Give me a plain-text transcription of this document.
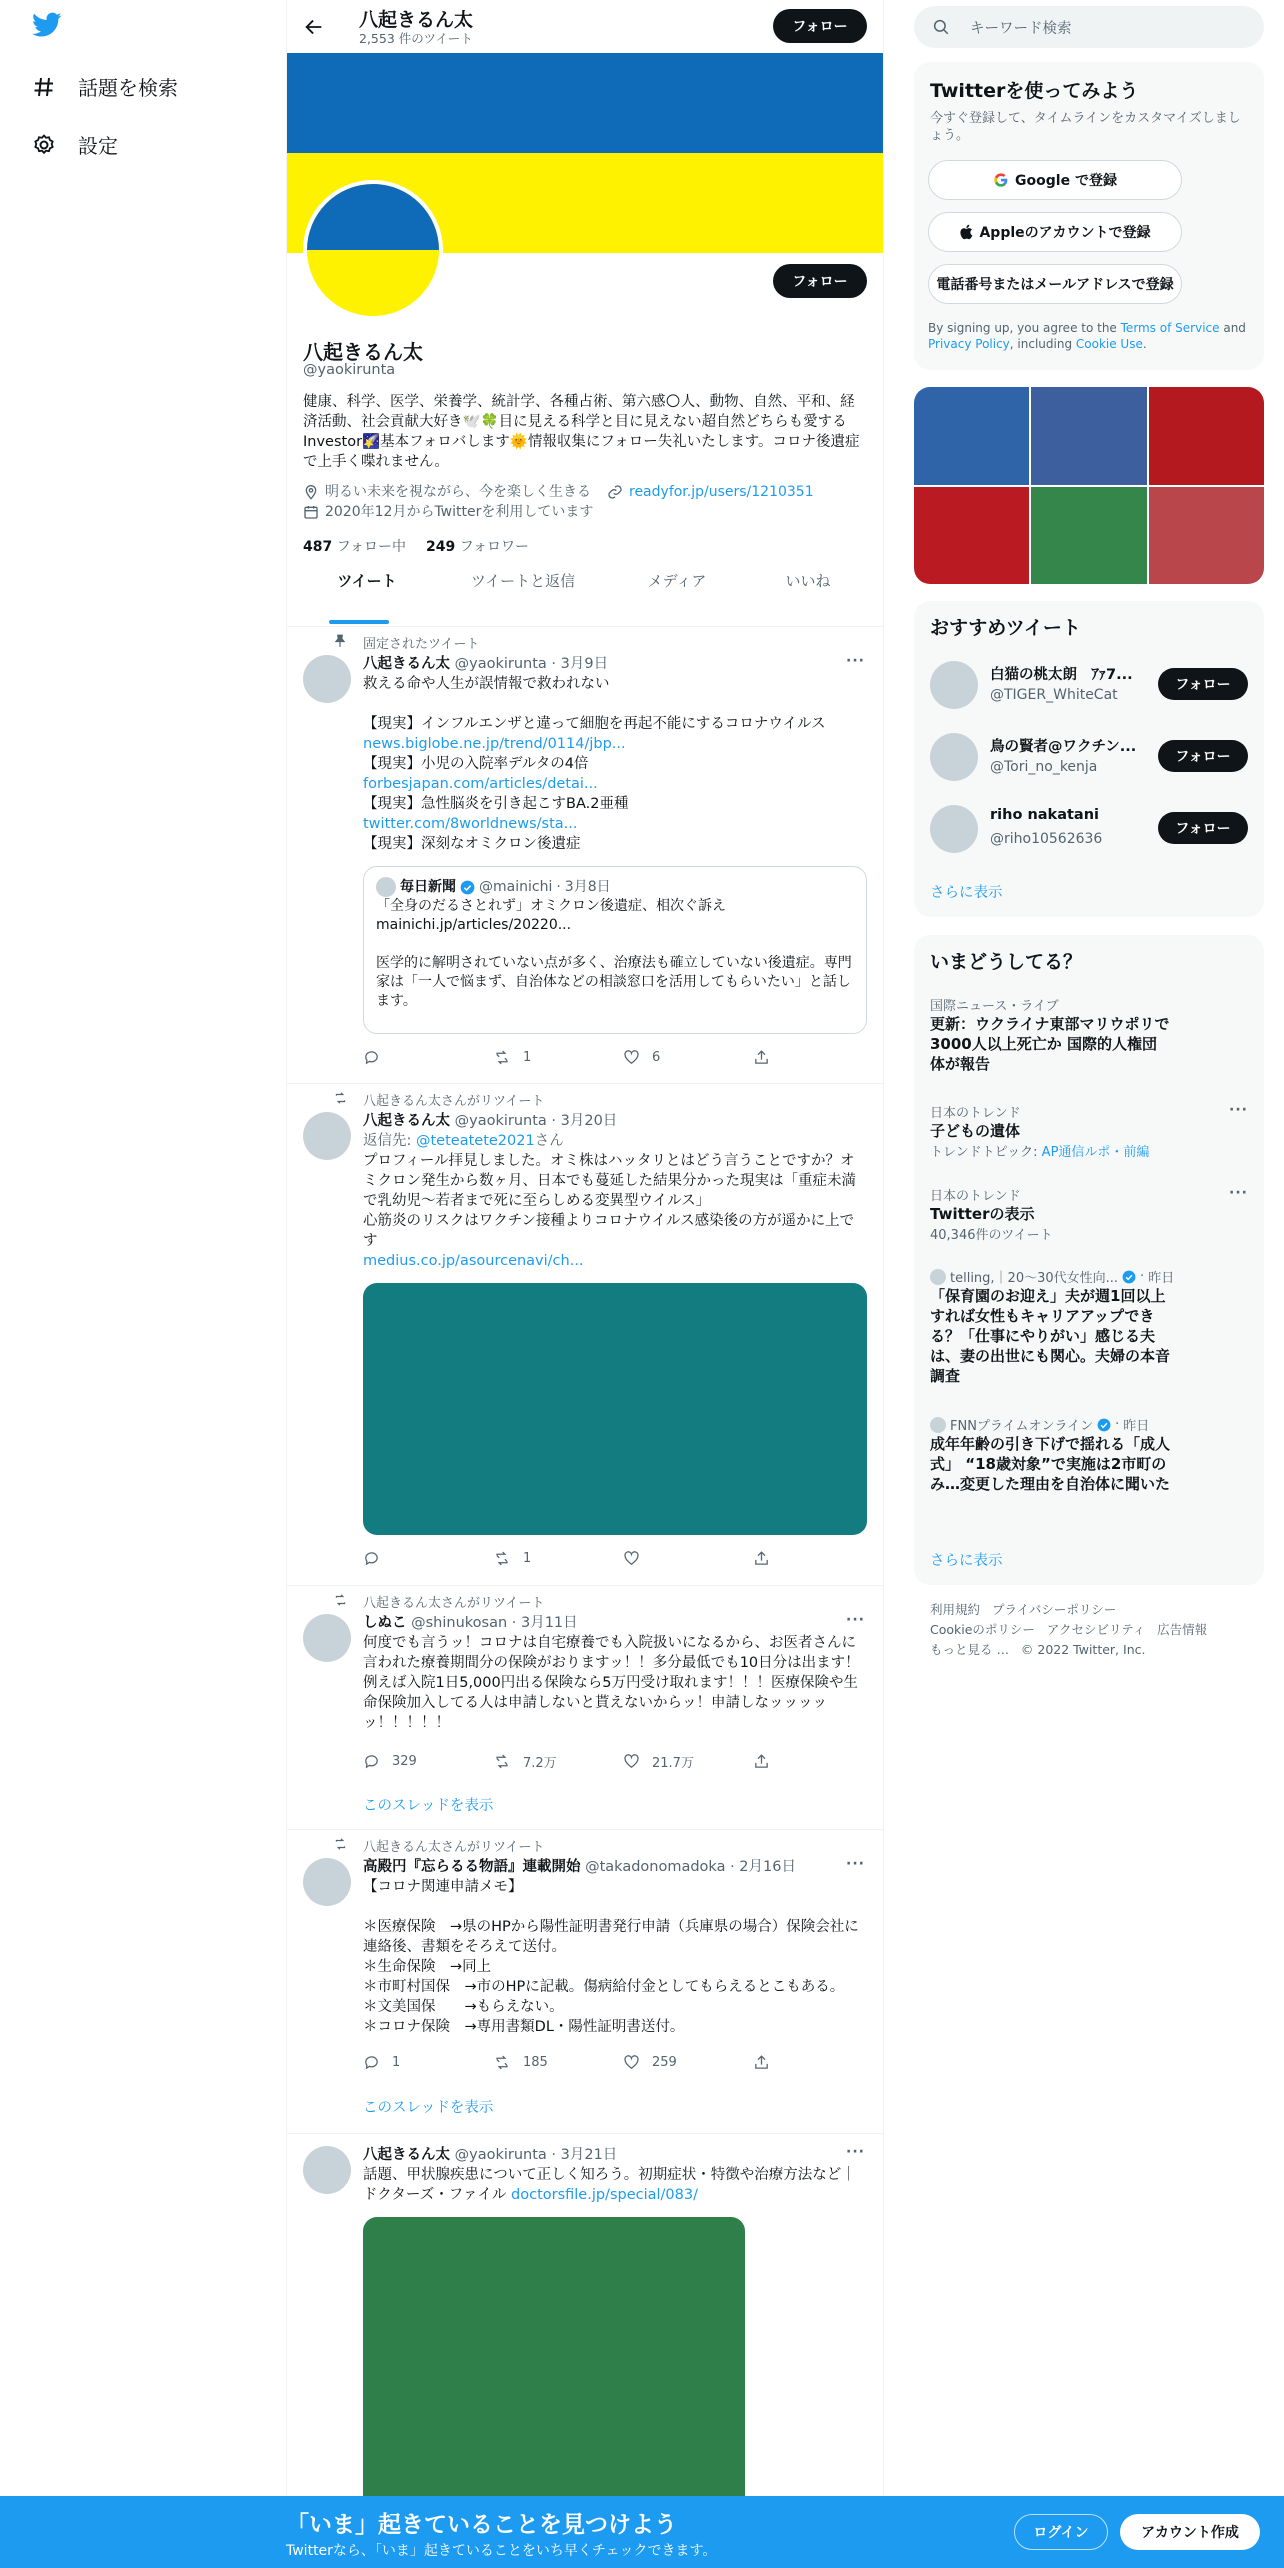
話題を検索
設定
八起きるん太
2,553 件のツイート
フォロー
フォロー
八起きるん太
@yaokirunta
健康、科学、医学、栄養学、統計学、各種占術、第六感🌕人、動物、自然、平和、経済活動、社会貢献大好き🕊️🍀目に見える科学と目に見えない超自然どちらも愛するInvestor🌠基本フォロバします🌞情報収集にフォロー失礼いたします。コロナ後遺症で上手く喋れません。
明るい未来を視ながら、今を楽しく生きる	readyfor.jp/users/1210351
2020年12月からTwitterを利用しています
487 フォロー中 249 フォロワー
ツイート	ツイートと返信	メディア	いいね
固定されたツイート
···
八起きるん太 @yaokirunta · 3月9日
救える命や人生が誤情報で救われない
【現実】インフルエンザと違って細胞を再起不能にするコロナウイルス
news.biglobe.ne.jp/trend/0114/jbp...
【現実】小児の入院率デルタの4倍
forbesjapan.com/articles/detai...
【現実】急性脳炎を引き起こすBA.2亜種
twitter.com/8worldnews/sta...
【現実】深刻なオミクロン後遺症
毎日新聞 @mainichi · 3月8日
「全身のだるさとれず」オミクロン後遺症、相次ぐ訴え
mainichi.jp/articles/20220...
医学的に解明されていない点が多く、治療法も確立していない後遺症。専門家は「一人で悩まず、自治体などの相談窓口を活用してもらいたい」と話します。
1	6
八起きるん太さんがリツイート
八起きるん太 @yaokirunta · 3月20日
返信先: @teteatete2021さん
プロフィール拝見しました。オミ株はハッタリとはどう言うことですか？オミクロン発生から数ヶ月、日本でも蔓延した結果分かった現実は「重症未満で乳幼児〜若者まで死に至らしめる変異型ウイルス」
心筋炎のリスクはワクチン接種よりコロナウイルス感染後の方が遥かに上です
medius.co.jp/asourcenavi/ch...
1
八起きるん太さんがリツイート
···
しぬこ @shinukosan · 3月11日
何度でも言うッ！コロナは自宅療養でも入院扱いになるから、お医者さんに言われた療養期間分の保険がおりますッ！！多分最低でも10日分は出ます！例えば入院1日5,000円出る保険なら5万円受け取れます！！！医療保険や生命保険加入してる人は申請しないと貰えないからッ！申請しなッッッッッ！！！！！
329	7.2万	21.7万
このスレッドを表示
八起きるん太さんがリツイート
···
高殿円『忘らるる物語』連載開始 @takadonomadoka · 2月16日
【コロナ関連申請メモ】

＊医療保険　→県のHPから陽性証明書発行申請（兵庫県の場合）保険会社に連絡後、書類をそろえて送付。
＊生命保険　→同上
＊市町村国保　→市のHPに記載。傷病給付金としてもらえるとこもある。
＊文美国保　　→もらえない。
＊コロナ保険　→専用書類DL・陽性証明書送付。
1	185	259
このスレッドを表示
···
八起きるん太 @yaokirunta · 3月21日
話題、甲状腺疾患について正しく知ろう。初期症状・特徴や治療方法など｜ドクターズ・ファイル doctorsfile.jp/special/083/
キーワード検索
Twitterを使ってみよう
今すぐ登録して、タイムラインをカスタマイズしましょう。
Google で登録
Appleのアカウントで登録
電話番号またはメールアドレスで登録
By signing up, you agree to the Terms of Service and Privacy Policy, including Cookie Use.
おすすめツイート
白猫の桃太朗　ｱｧ7...
@TIGER_WhiteCat
フォロー
鳥の賢者@ワクチン...
@Tori_no_kenja
フォロー
riho nakatani
@riho10562636
フォロー
さらに表示
いまどうしてる？
国際ニュース・ライブ
更新：ウクライナ東部マリウポリで3000人以上死亡か 国際的人権団体が報告
日本のトレンド
子どもの遺体
トレンドトピック: AP通信ルポ・前編
···
日本のトレンド
Twitterの表示
40,346件のツイート
···
telling,｜20～30代女性向... · 昨日
「保育園のお迎え」夫が週1回以上すれば女性もキャリアアップできる？「仕事にやりがい」感じる夫は、妻の出世にも関心。夫婦の本音調査
FNNプライムオンライン · 昨日
成年年齢の引き下げで揺れる「成人式」 “18歳対象”で実施は2市町のみ…変更した理由を自治体に聞いた
さらに表示
利用規約 プライバシーポリシー
Cookieのポリシー アクセシビリティ 広告情報
もっと見る … © 2022 Twitter, Inc.
「いま」起きていることを見つけよう
Twitterなら、「いま」起きていることをいち早くチェックできます。
ログイン	アカウント作成
